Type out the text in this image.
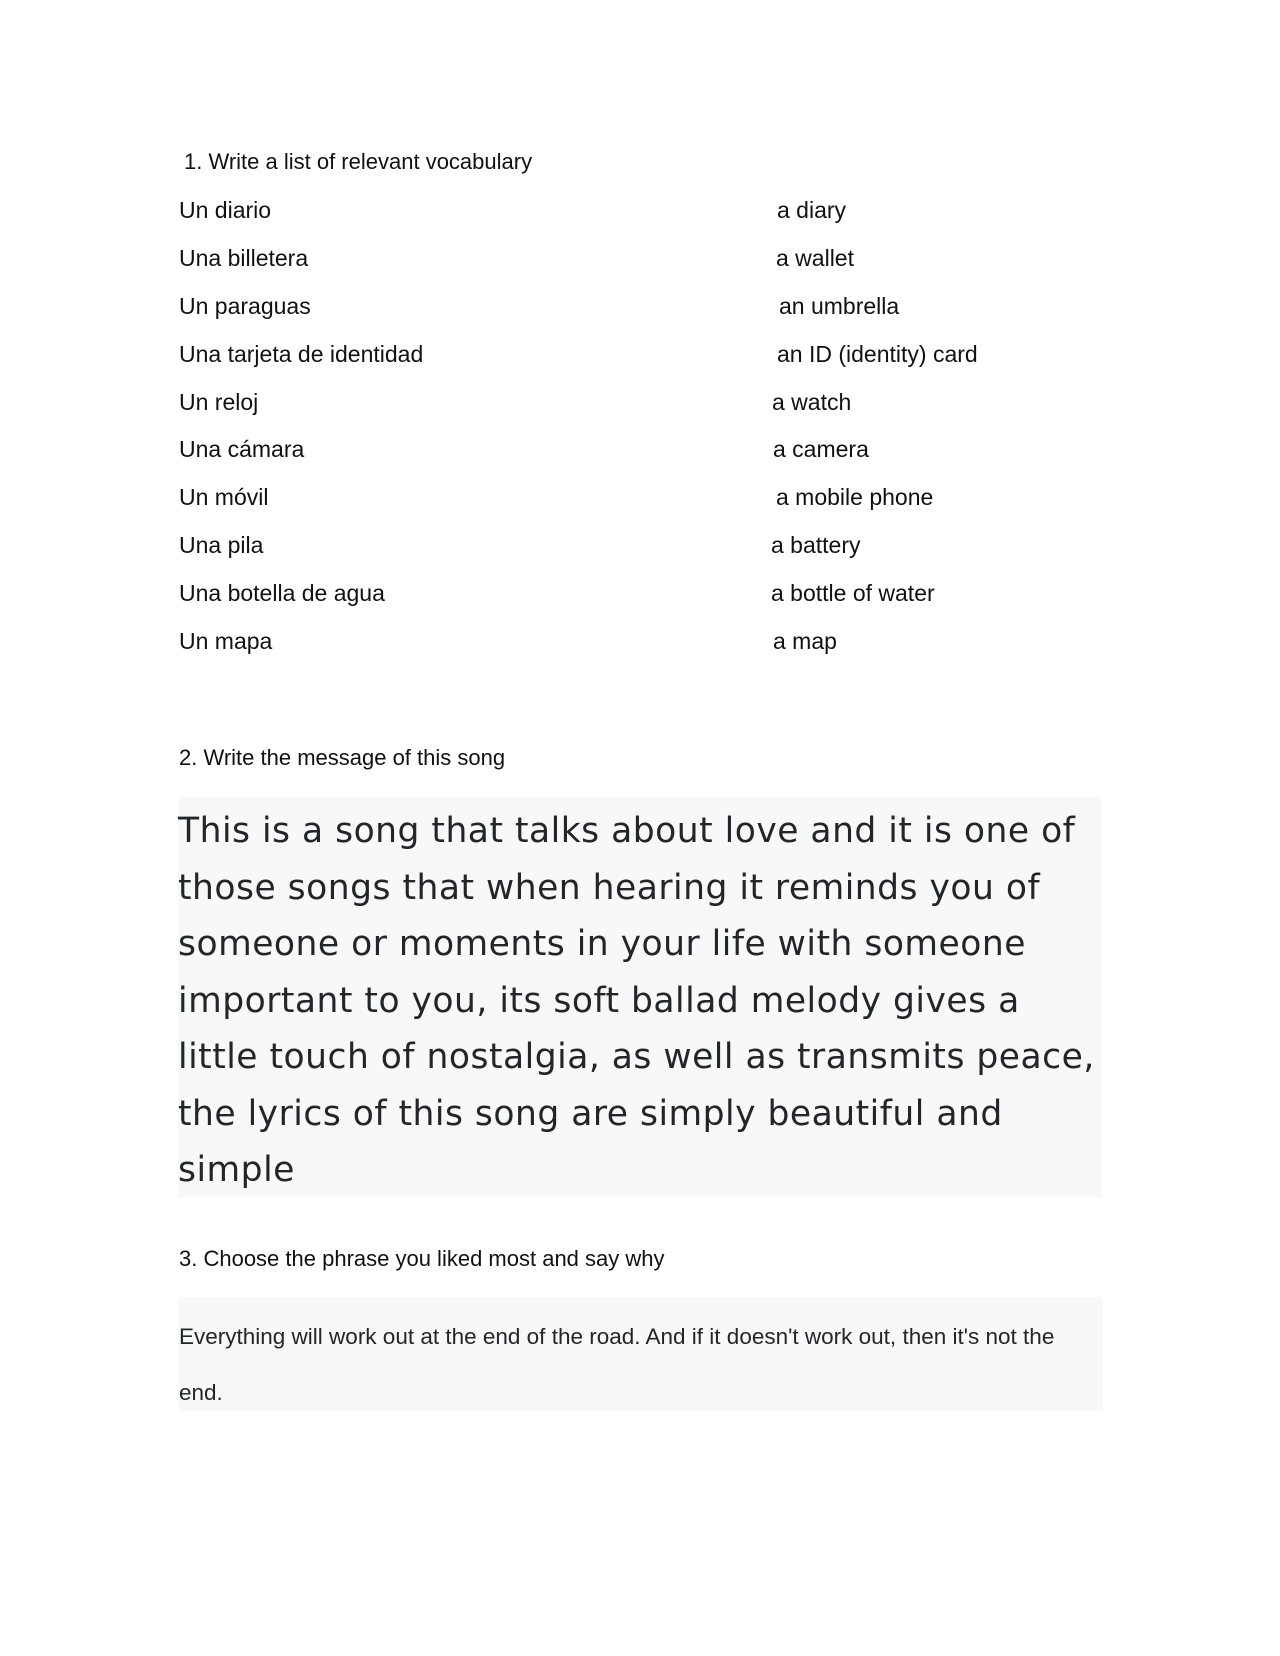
1. Write a list of relevant vocabulary
Un diario	a diary
Una billetera	a wallet
Un paraguas	an umbrella
Una tarjeta de identidad	an ID (identity) card
Un reloj	a watch
Una cámara	a camera
Un móvil	a mobile phone
Una pila	a battery
Una botella de agua	a bottle of water
Un mapa	a map
2. Write the message of this song
This is a song that talks about love and it is one of those songs that when hearing it reminds you of someone or moments in your life with someone important to you, its soft ballad melody gives a little touch of nostalgia, as well as transmits peace, the lyrics of this song are simply beautiful and simple
3. Choose the phrase you liked most and say why
Everything will work out at the end of the road. And if it doesn't work out, then it's not the end.
